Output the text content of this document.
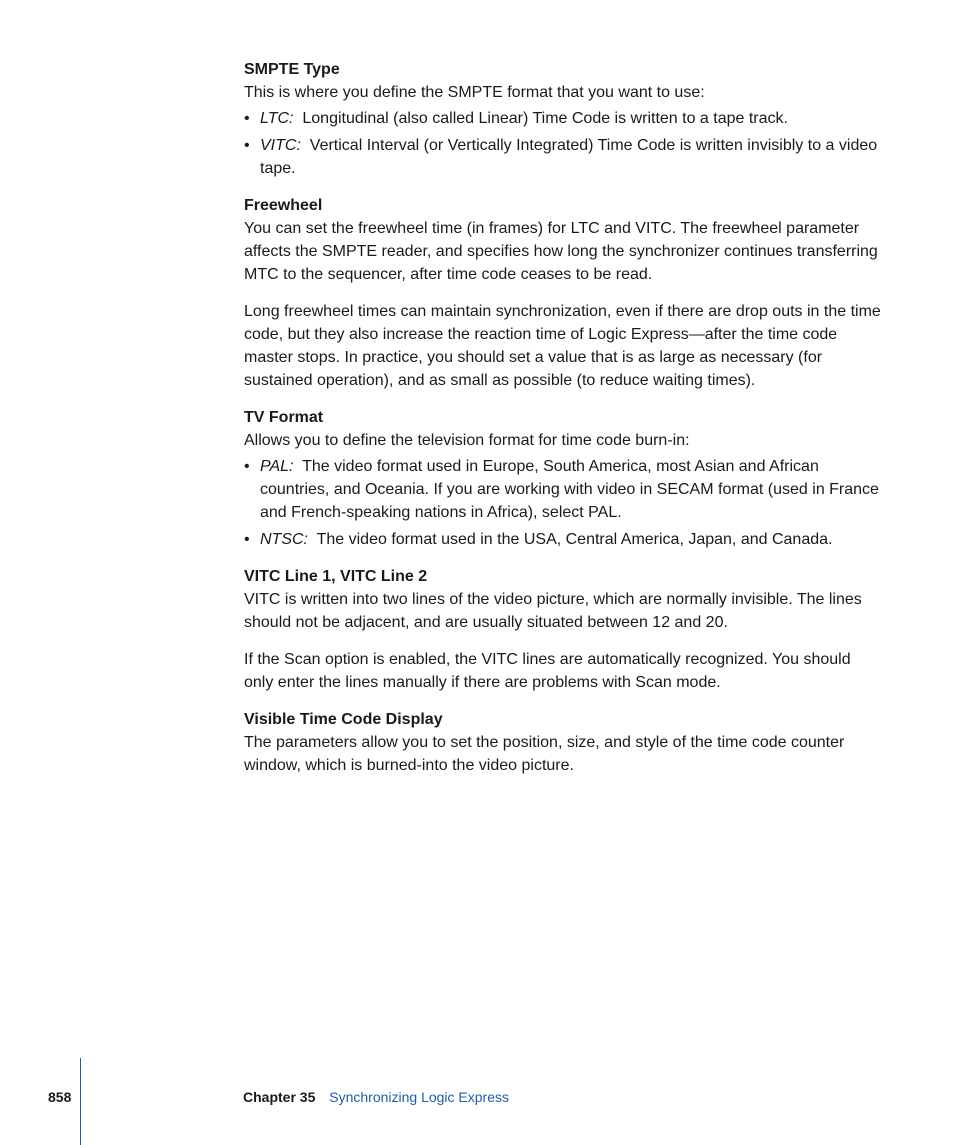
SMPTE Type

This is where you define the SMPTE format that you want to use:

• LTC: Longitudinal (also called Linear) Time Code is written to a tape track.
• VITC: Vertical Interval (or Vertically Integrated) Time Code is written invisibly to a video tape.

Freewheel

You can set the freewheel time (in frames) for LTC and VITC. The freewheel parameter affects the SMPTE reader, and specifies how long the synchronizer continues transferring MTC to the sequencer, after time code ceases to be read.

Long freewheel times can maintain synchronization, even if there are drop outs in the time code, but they also increase the reaction time of Logic Express—after the time code master stops. In practice, you should set a value that is as large as necessary (for sustained operation), and as small as possible (to reduce waiting times).

TV Format

Allows you to define the television format for time code burn-in:

• PAL: The video format used in Europe, South America, most Asian and African countries, and Oceania. If you are working with video in SECAM format (used in France and French-speaking nations in Africa), select PAL.
• NTSC: The video format used in the USA, Central America, Japan, and Canada.

VITC Line 1, VITC Line 2

VITC is written into two lines of the video picture, which are normally invisible. The lines should not be adjacent, and are usually situated between 12 and 20.

If the Scan option is enabled, the VITC lines are automatically recognized. You should only enter the lines manually if there are problems with Scan mode.

Visible Time Code Display

The parameters allow you to set the position, size, and style of the time code counter window, which is burned-into the video picture.

858	Chapter 35 Synchronizing Logic Express
